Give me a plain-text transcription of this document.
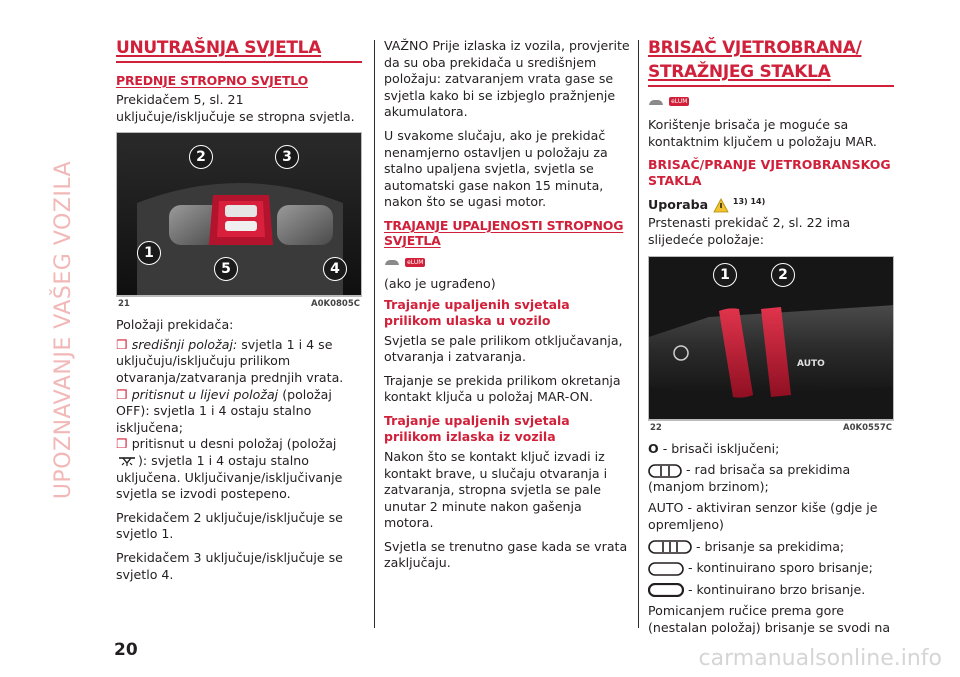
UPOZNAVANJE VAŠEG VOZILA
UNUTRAŠNJA SVJETLA
PREDNJE STROPNO SVJETLO

Prekidačem 5, sl. 21 uključuje/isključuje se stropna svjetla.

2	3
1
5	4
21	A0K0805C

Položaji prekidača:

❒ središnji položaj: svjetla 1 i 4 se uključuju/isključuju prilikom otvaranja/zatvaranja prednjih vrata.

❒ pritisnut u lijevi položaj (položaj OFF): svjetla 1 i 4 ostaju stalno isključena;

❒ pritisnut u desni položaj (položaj ): svjetla 1 i 4 ostaju stalno uključena. Uključivanje/isključivanje svjetla se izvodi postepeno.

Prekidačem 2 uključuje/isključuje se svjetlo 1.

Prekidačem 3 uključuje/isključuje se svjetlo 4.

VAŽNO Prije izlaska iz vozila, provjerite da su oba prekidača u središnjem položaju: zatvaranjem vrata gase se svjetla kako bi se izbjeglo pražnjenje akumulatora.

U svakome slučaju, ako je prekidač nenamjerno ostavljen u položaju za stalno upaljena svjetla, svjetla se automatski gase nakon 15 minuta, nakon što se ugasi motor.

TRAJANJE UPALJENOSTI STROPNOG SVJETLA
eLUM

(ako je ugrađeno)

Trajanje upaljenih svjetala prilikom ulaska u vozilo

Svjetla se pale prilikom otključavanja, otvaranja i zatvaranja.

Trajanje se prekida prilikom okretanja kontakt ključa u položaj MAR-ON.

Trajanje upaljenih svjetala prilikom izlaska iz vozila

Nakon što se kontakt ključ izvadi iz kontakt brave, u slučaju otvaranja i zatvaranja, stropna svjetla se pale unutar 2 minute nakon gašenja motora.

Svjetla se trenutno gase kada se vrata zaključaju.

BRISAČ VJETROBRANA/
STRAŽNJEG STAKLA
eLUM

Korištenje brisača je moguće sa kontaktnim ključem u položaju MAR.

BRISAČ/PRANJE VJETROBRANSKOG STAKLA
Uporaba	$^{13) 14)}$

Prstenasti prekidač 2, sl. 22 ima slijedeće položaje:

AUTO
1	2
22	A0K0557C
O - brisači isključeni;
- rad brisača sa prekidima (manjom brzinom);
AUTO - aktiviran senzor kiše (gdje je opremljeno)
- brisanje sa prekidima;
- kontinuirano sporo brisanje;
- kontinuirano brzo brisanje.

Pomicanjem ručice prema gore (nestalan položaj) brisanje se svodi na

20	carmanualsonline.info
